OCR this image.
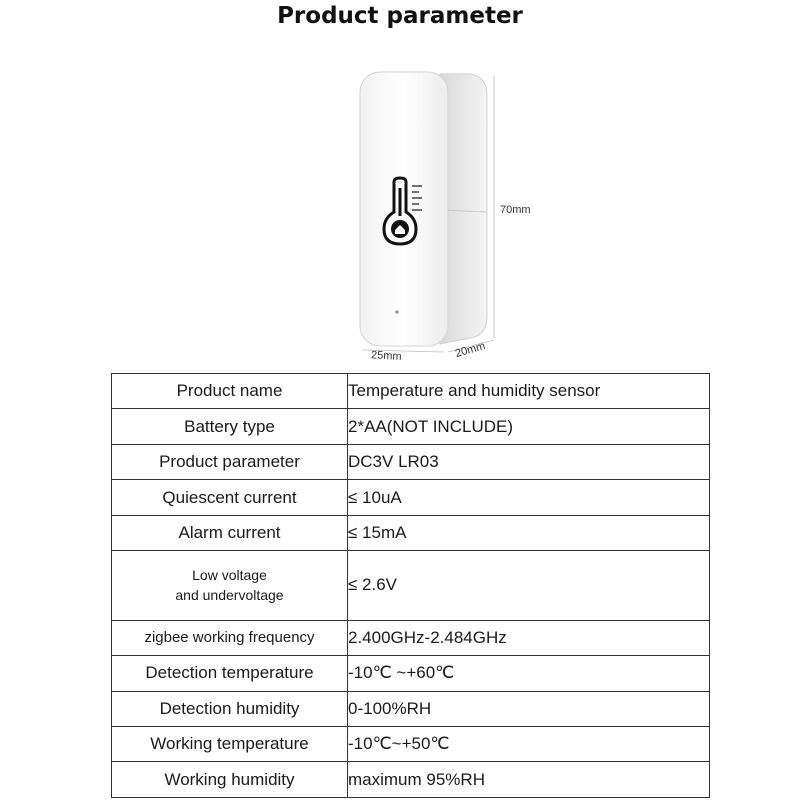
Product parameter
70mm
25mm	20mm
Product name	Temperature and humidity sensor
Battery type	2*AA(NOT INCLUDE)
Product parameter	DC3V LR03
Quiescent current	≤ 10uA
Alarm current	≤ 15mA
Low voltage
and undervoltage	≤ 2.6V
zigbee working frequency	2.400GHz-2.484GHz
Detection temperature	-10℃ ~+60℃
Detection humidity	0-100%RH
Working temperature	-10℃~+50℃
Working humidity	maximum 95%RH
